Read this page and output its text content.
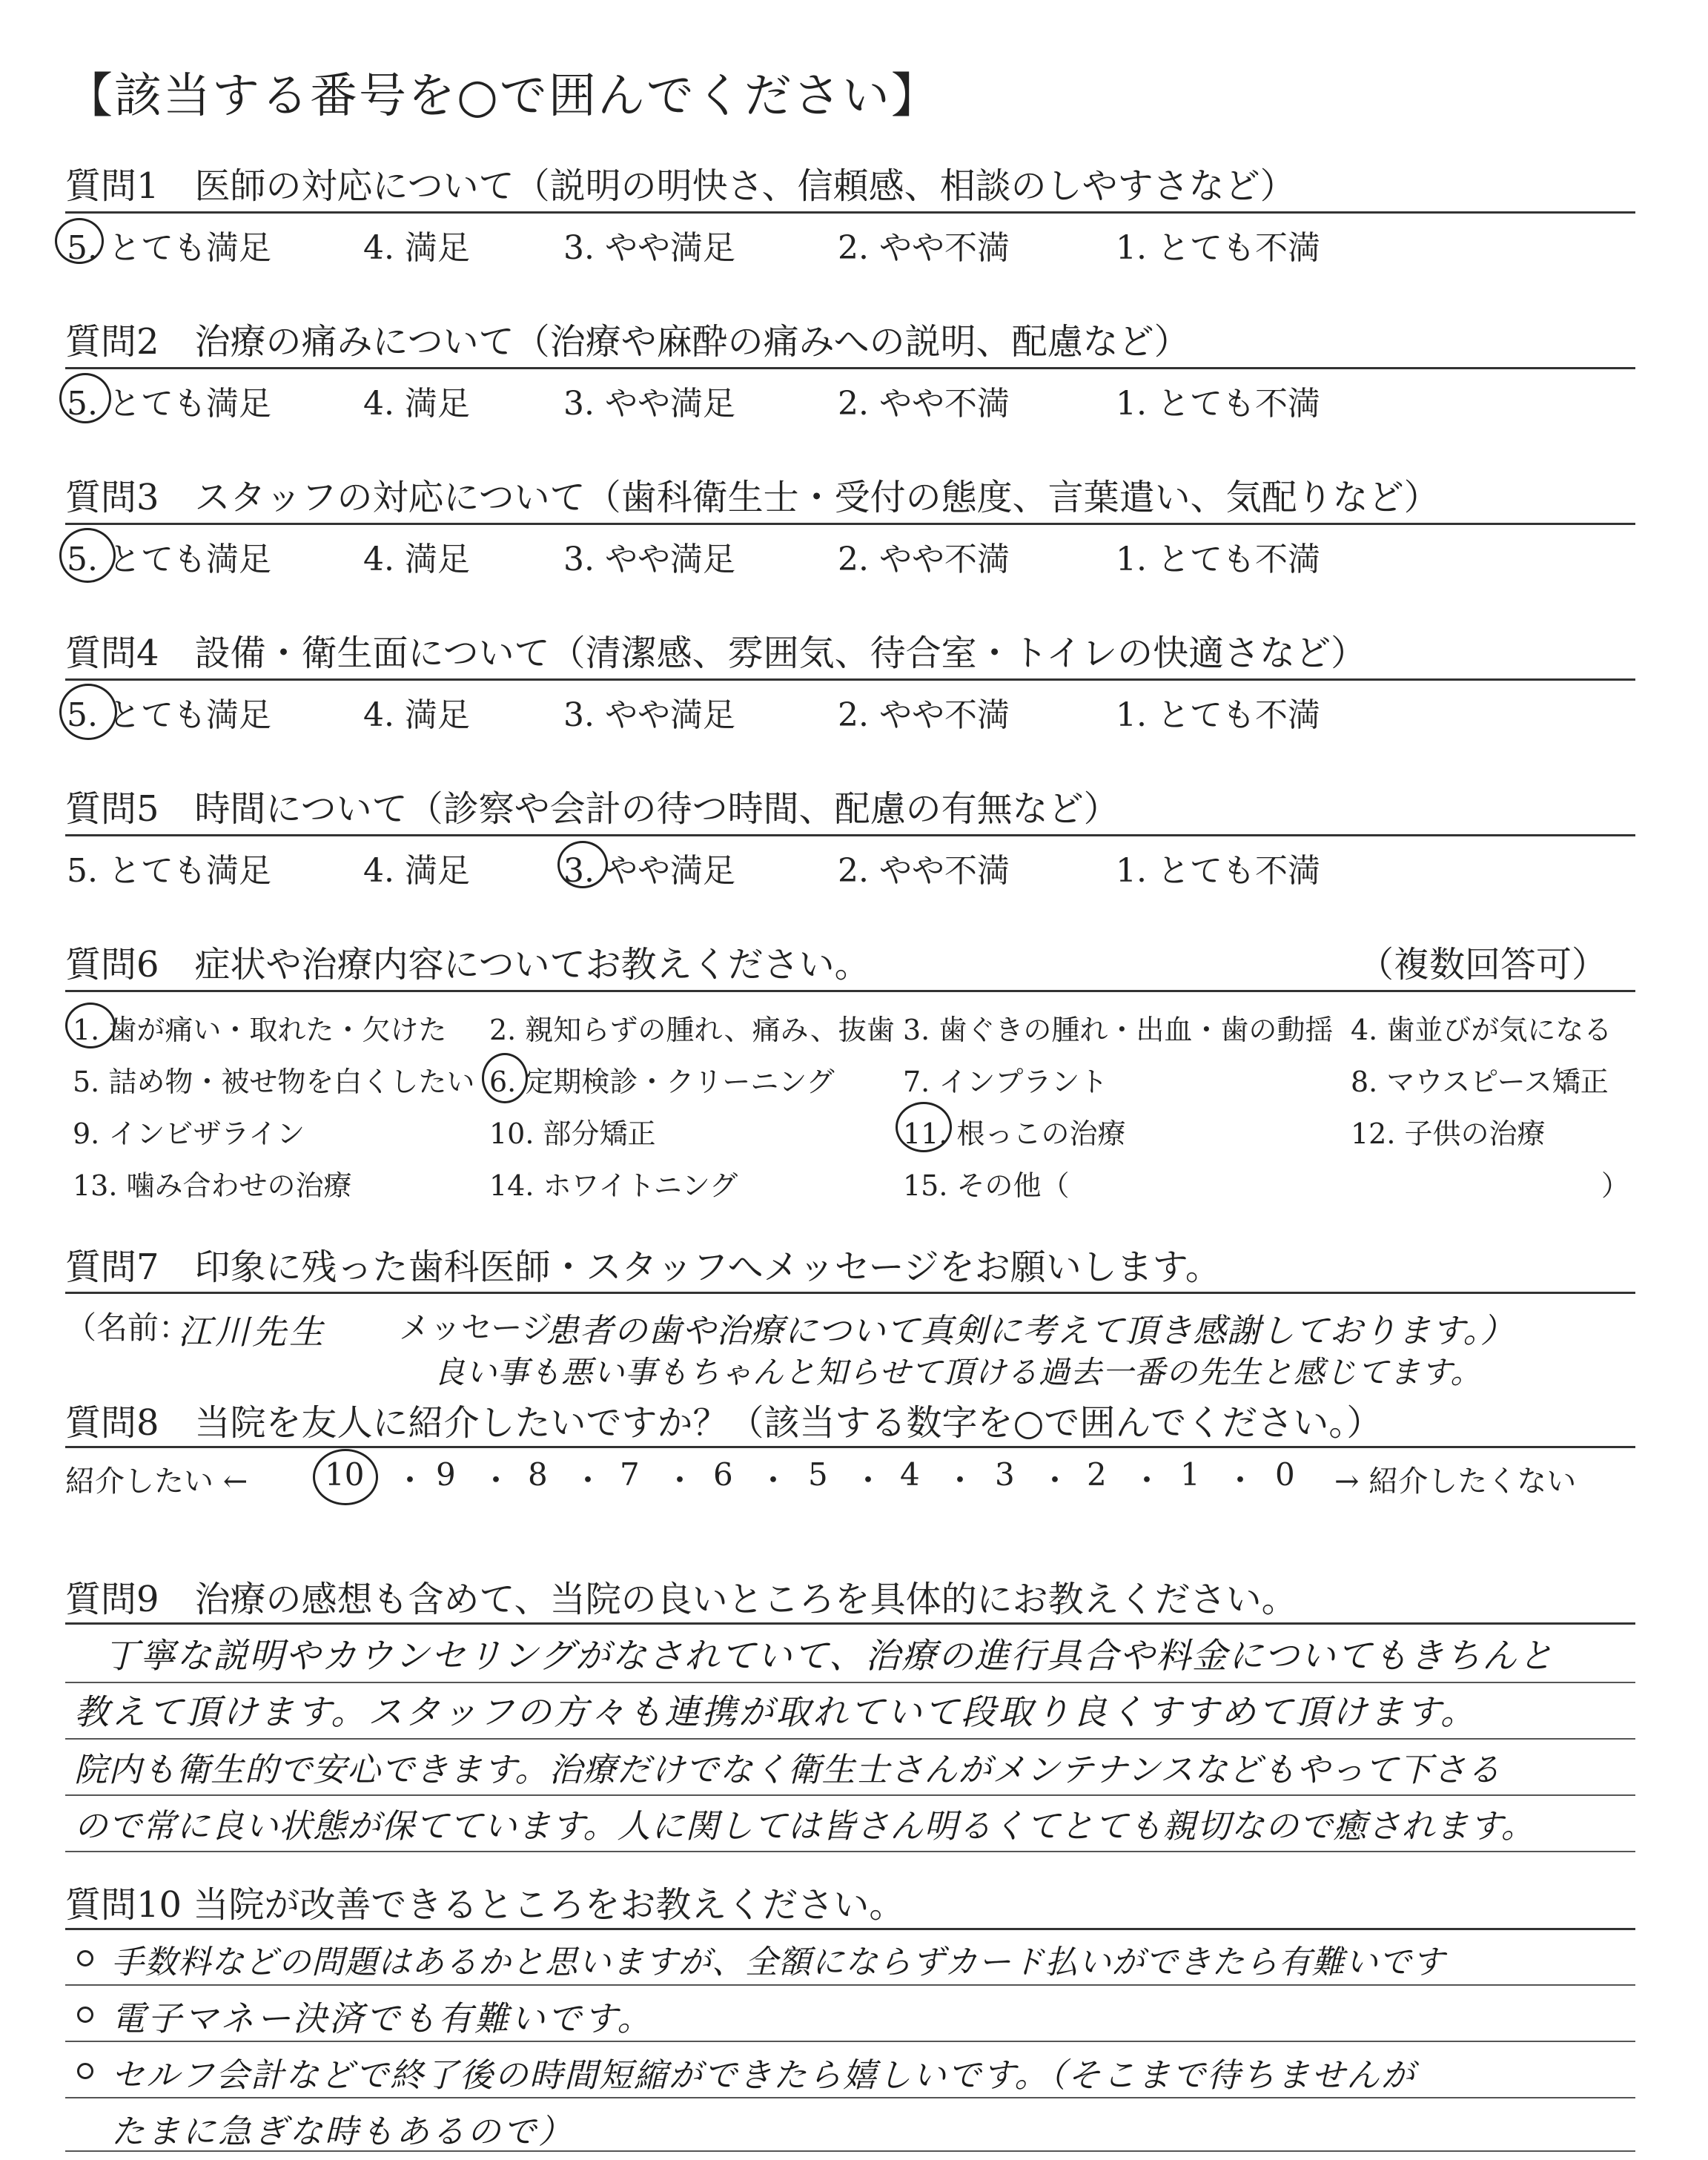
【該当する番号を○で囲んでください】
質問1　医師の対応について（説明の明快さ、信頼感、相談のしやすさなど）
5. とても満足	4. 満足	3. やや満足	2. やや不満	1. とても不満
質問2　治療の痛みについて（治療や麻酔の痛みへの説明、配慮など）
5. とても満足	4. 満足	3. やや満足	2. やや不満	1. とても不満
質問3　スタッフの対応について（歯科衛生士・受付の態度、言葉遣い、気配りなど）
5. とても満足	4. 満足	3. やや満足	2. やや不満	1. とても不満
質問4　設備・衛生面について（清潔感、雰囲気、待合室・トイレの快適さなど）
5. とても満足	4. 満足	3. やや満足	2. やや不満	1. とても不満
質問5　時間について（診察や会計の待つ時間、配慮の有無など）
5. とても満足	4. 満足	3. やや満足	2. やや不満	1. とても不満
質問6　症状や治療内容についてお教えください。	（複数回答可）
1. 歯が痛い・取れた・欠けた 2. 親知らずの腫れ、痛み、抜歯 3. 歯ぐきの腫れ・出血・歯の動揺 4. 歯並びが気になる
5. 詰め物・被せ物を白くしたい 6. 定期検診・クリーニング 7. インプラント	8. マウスピース矯正
9. インビザライン	10. 部分矯正	11. 根っこの治療	12. 子供の治療
13. 噛み合わせの治療	14. ホワイトニング	15. その他（	）
質問7　印象に残った歯科医師・スタッフへメッセージをお願いします。
（名前：
江川先生 メッセージ：
患者の歯や治療について真剣に考えて頂き感謝しております。）
良い事も悪い事もちゃんと知らせて頂ける過去一番の先生と感じてます。
質問8　当院を友人に紹介したいですか？（該当する数字を○で囲んでください。）
紹介したい ← 10 ・ 9 ・ 8 ・ 7 ・ 6 ・ 5 ・ 4 ・ 3 ・ 2 ・ 1 ・ 0 → 紹介したくない
質問9　治療の感想も含めて、当院の良いところを具体的にお教えください。
丁寧な説明やカウンセリングがなされていて、治療の進行具合や料金についてもきちんと
教えて頂けます。スタッフの方々も連携が取れていて段取り良くすすめて頂けます。
院内も衛生的で安心できます。治療だけでなく衛生士さんがメンテナンスなどもやって下さる
ので常に良い状態が保てています。人に関しては皆さん明るくてとても親切なので癒されます。
質問10 当院が改善できるところをお教えください。
手数料などの問題はあるかと思いますが、全額にならずカード払いができたら有難いです
電子マネー決済でも有難いです。
セルフ会計などで終了後の時間短縮ができたら嬉しいです。（そこまで待ちませんが
たまに急ぎな時もあるので）
